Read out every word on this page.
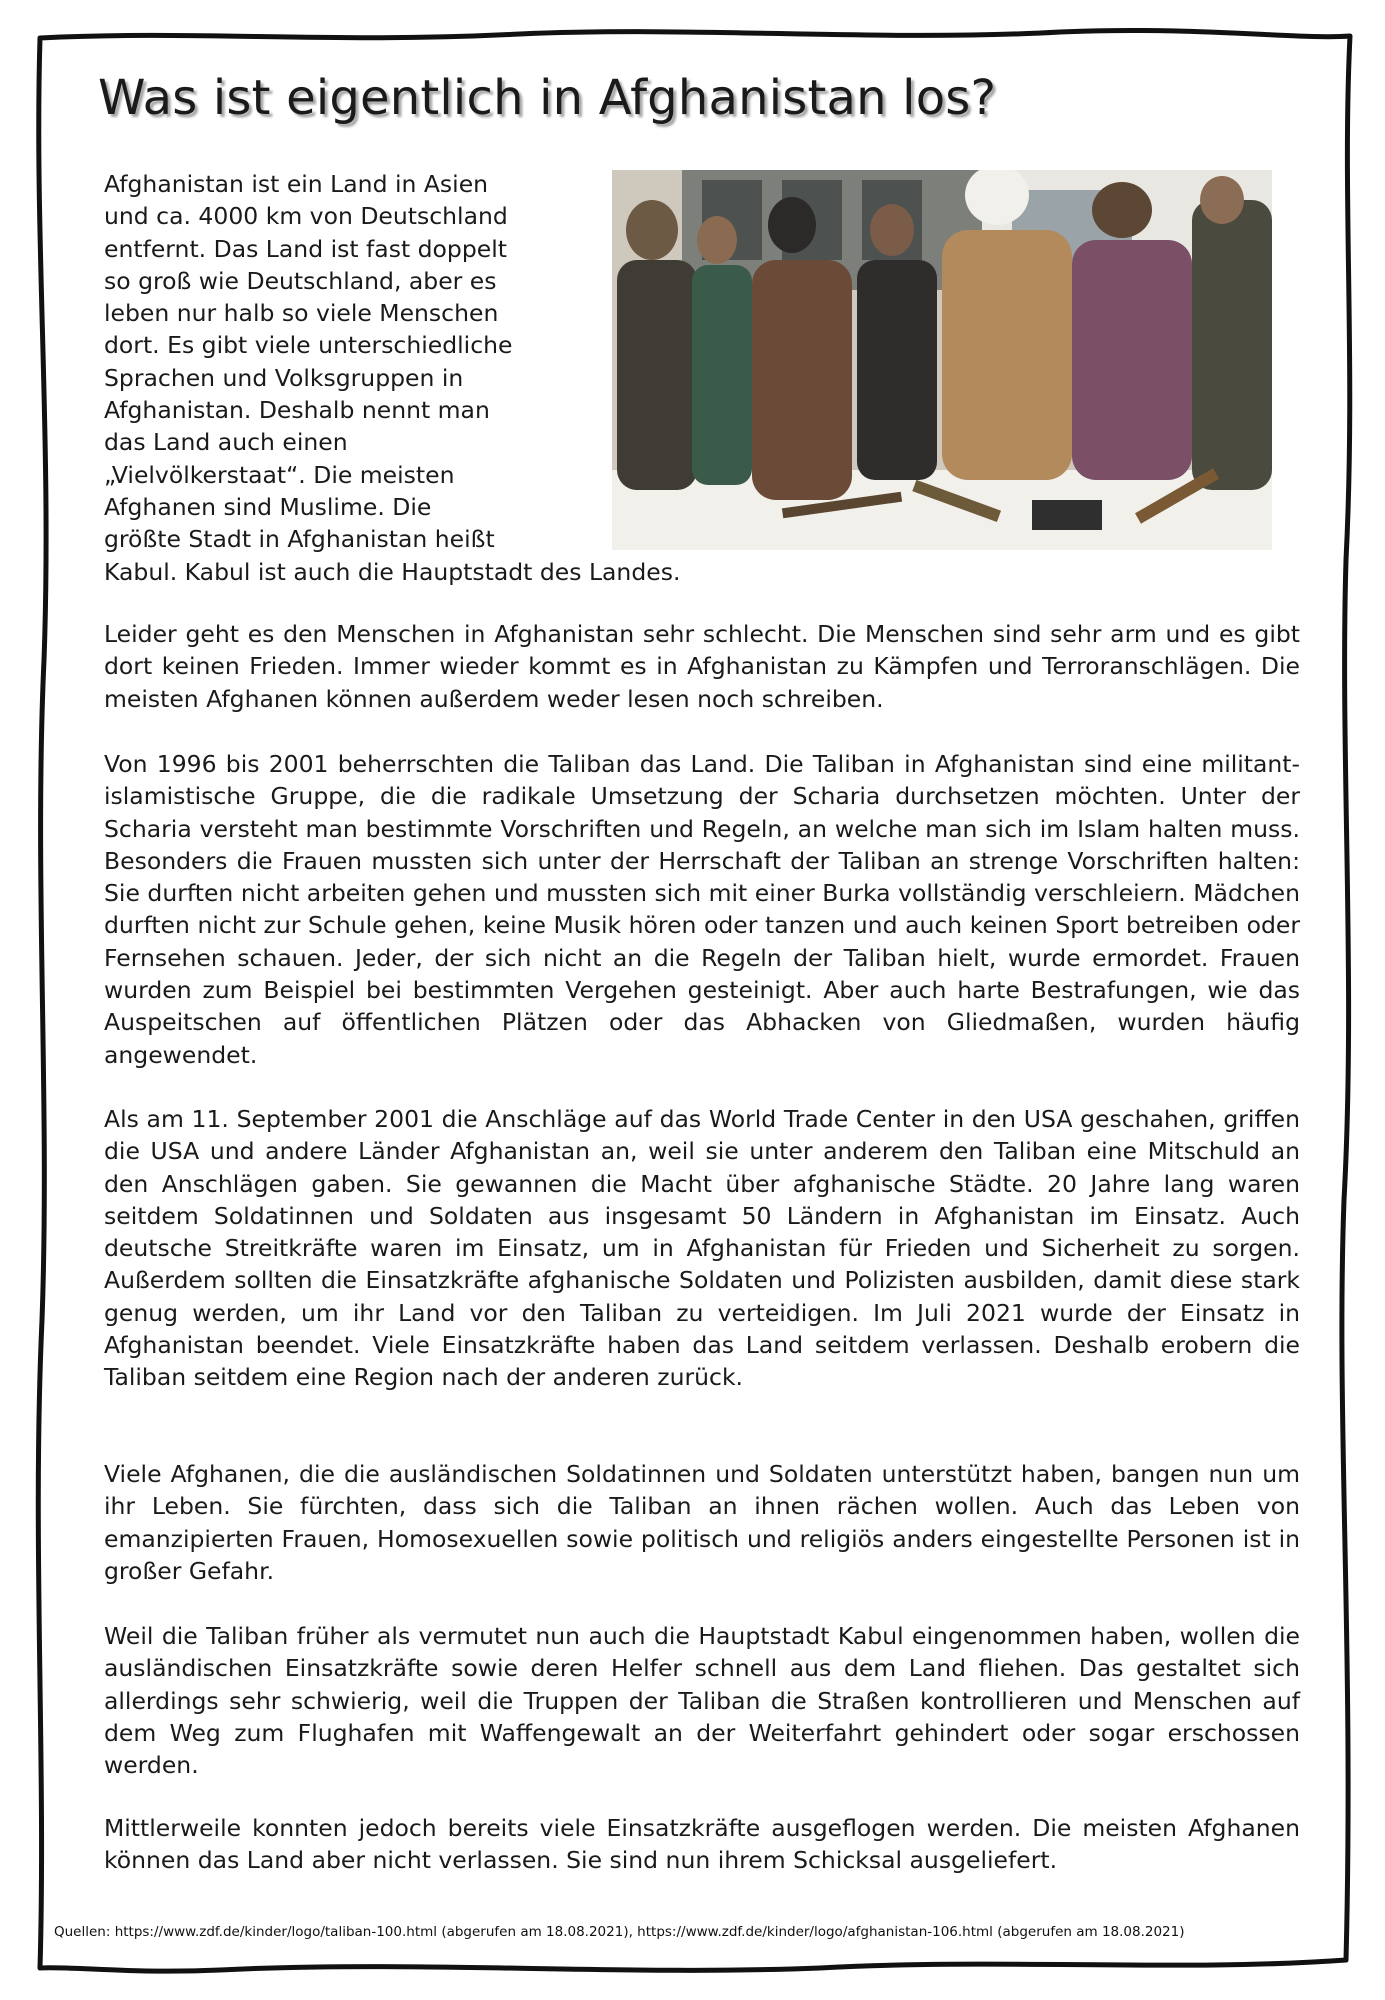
Was ist eigentlich in Afghanistan los?

Afghanistan ist ein Land in Asien
und ca. 4000 km von Deutschland
entfernt. Das Land ist fast doppelt
so groß wie Deutschland, aber es
leben nur halb so viele Menschen
dort. Es gibt viele unterschiedliche
Sprachen und Volksgruppen in
Afghanistan. Deshalb nennt man
das Land auch einen
„Vielvölkerstaat“. Die meisten
Afghanen sind Muslime. Die
größte Stadt in Afghanistan heißt
Kabul. Kabul ist auch die Hauptstadt des Landes.

Leider geht es den Menschen in Afghanistan sehr schlecht. Die Menschen sind sehr arm und es gibt dort keinen Frieden. Immer wieder kommt es in Afghanistan zu Kämpfen und Terroranschlägen. Die meisten Afghanen können außerdem weder lesen noch schreiben.

Von 1996 bis 2001 beherrschten die Taliban das Land. Die Taliban in Afghanistan sind eine militant-islamistische Gruppe, die die radikale Umsetzung der Scharia durchsetzen möchten. Unter der Scharia versteht man bestimmte Vorschriften und Regeln, an welche man sich im Islam halten muss. Besonders die Frauen mussten sich unter der Herrschaft der Taliban an strenge Vorschriften halten: Sie durften nicht arbeiten gehen und mussten sich mit einer Burka vollständig verschleiern. Mädchen durften nicht zur Schule gehen, keine Musik hören oder tanzen und auch keinen Sport betreiben oder Fernsehen schauen. Jeder, der sich nicht an die Regeln der Taliban hielt, wurde ermordet. Frauen wurden zum Beispiel bei bestimmten Vergehen gesteinigt. Aber auch harte Bestrafungen, wie das Auspeitschen auf öffentlichen Plätzen oder das Abhacken von Gliedmaßen, wurden häufig angewendet.

Als am 11. September 2001 die Anschläge auf das World Trade Center in den USA geschahen, griffen die USA und andere Länder Afghanistan an, weil sie unter anderem den Taliban eine Mitschuld an den Anschlägen gaben. Sie gewannen die Macht über afghanische Städte. 20 Jahre lang waren seitdem Soldatinnen und Soldaten aus insgesamt 50 Ländern in Afghanistan im Einsatz. Auch deutsche Streitkräfte waren im Einsatz, um in Afghanistan für Frieden und Sicherheit zu sorgen. Außerdem sollten die Einsatzkräfte afghanische Soldaten und Polizisten ausbilden, damit diese stark genug werden, um ihr Land vor den Taliban zu verteidigen. Im Juli 2021 wurde der Einsatz in Afghanistan beendet. Viele Einsatzkräfte haben das Land seitdem verlassen. Deshalb erobern die Taliban seitdem eine Region nach der anderen zurück.

Viele Afghanen, die die ausländischen Soldatinnen und Soldaten unterstützt haben, bangen nun um ihr Leben. Sie fürchten, dass sich die Taliban an ihnen rächen wollen. Auch das Leben von emanzipierten Frauen, Homosexuellen sowie politisch und religiös anders eingestellte Personen ist in großer Gefahr.

Weil die Taliban früher als vermutet nun auch die Hauptstadt Kabul eingenommen haben, wollen die ausländischen Einsatzkräfte sowie deren Helfer schnell aus dem Land fliehen. Das gestaltet sich allerdings sehr schwierig, weil die Truppen der Taliban die Straßen kontrollieren und Menschen auf dem Weg zum Flughafen mit Waffengewalt an der Weiterfahrt gehindert oder sogar erschossen werden.

Mittlerweile konnten jedoch bereits viele Einsatzkräfte ausgeflogen werden. Die meisten Afghanen können das Land aber nicht verlassen. Sie sind nun ihrem Schicksal ausgeliefert.

Quellen: https://www.zdf.de/kinder/logo/taliban-100.html (abgerufen am 18.08.2021), https://www.zdf.de/kinder/logo/afghanistan-106.html (abgerufen am 18.08.2021)
